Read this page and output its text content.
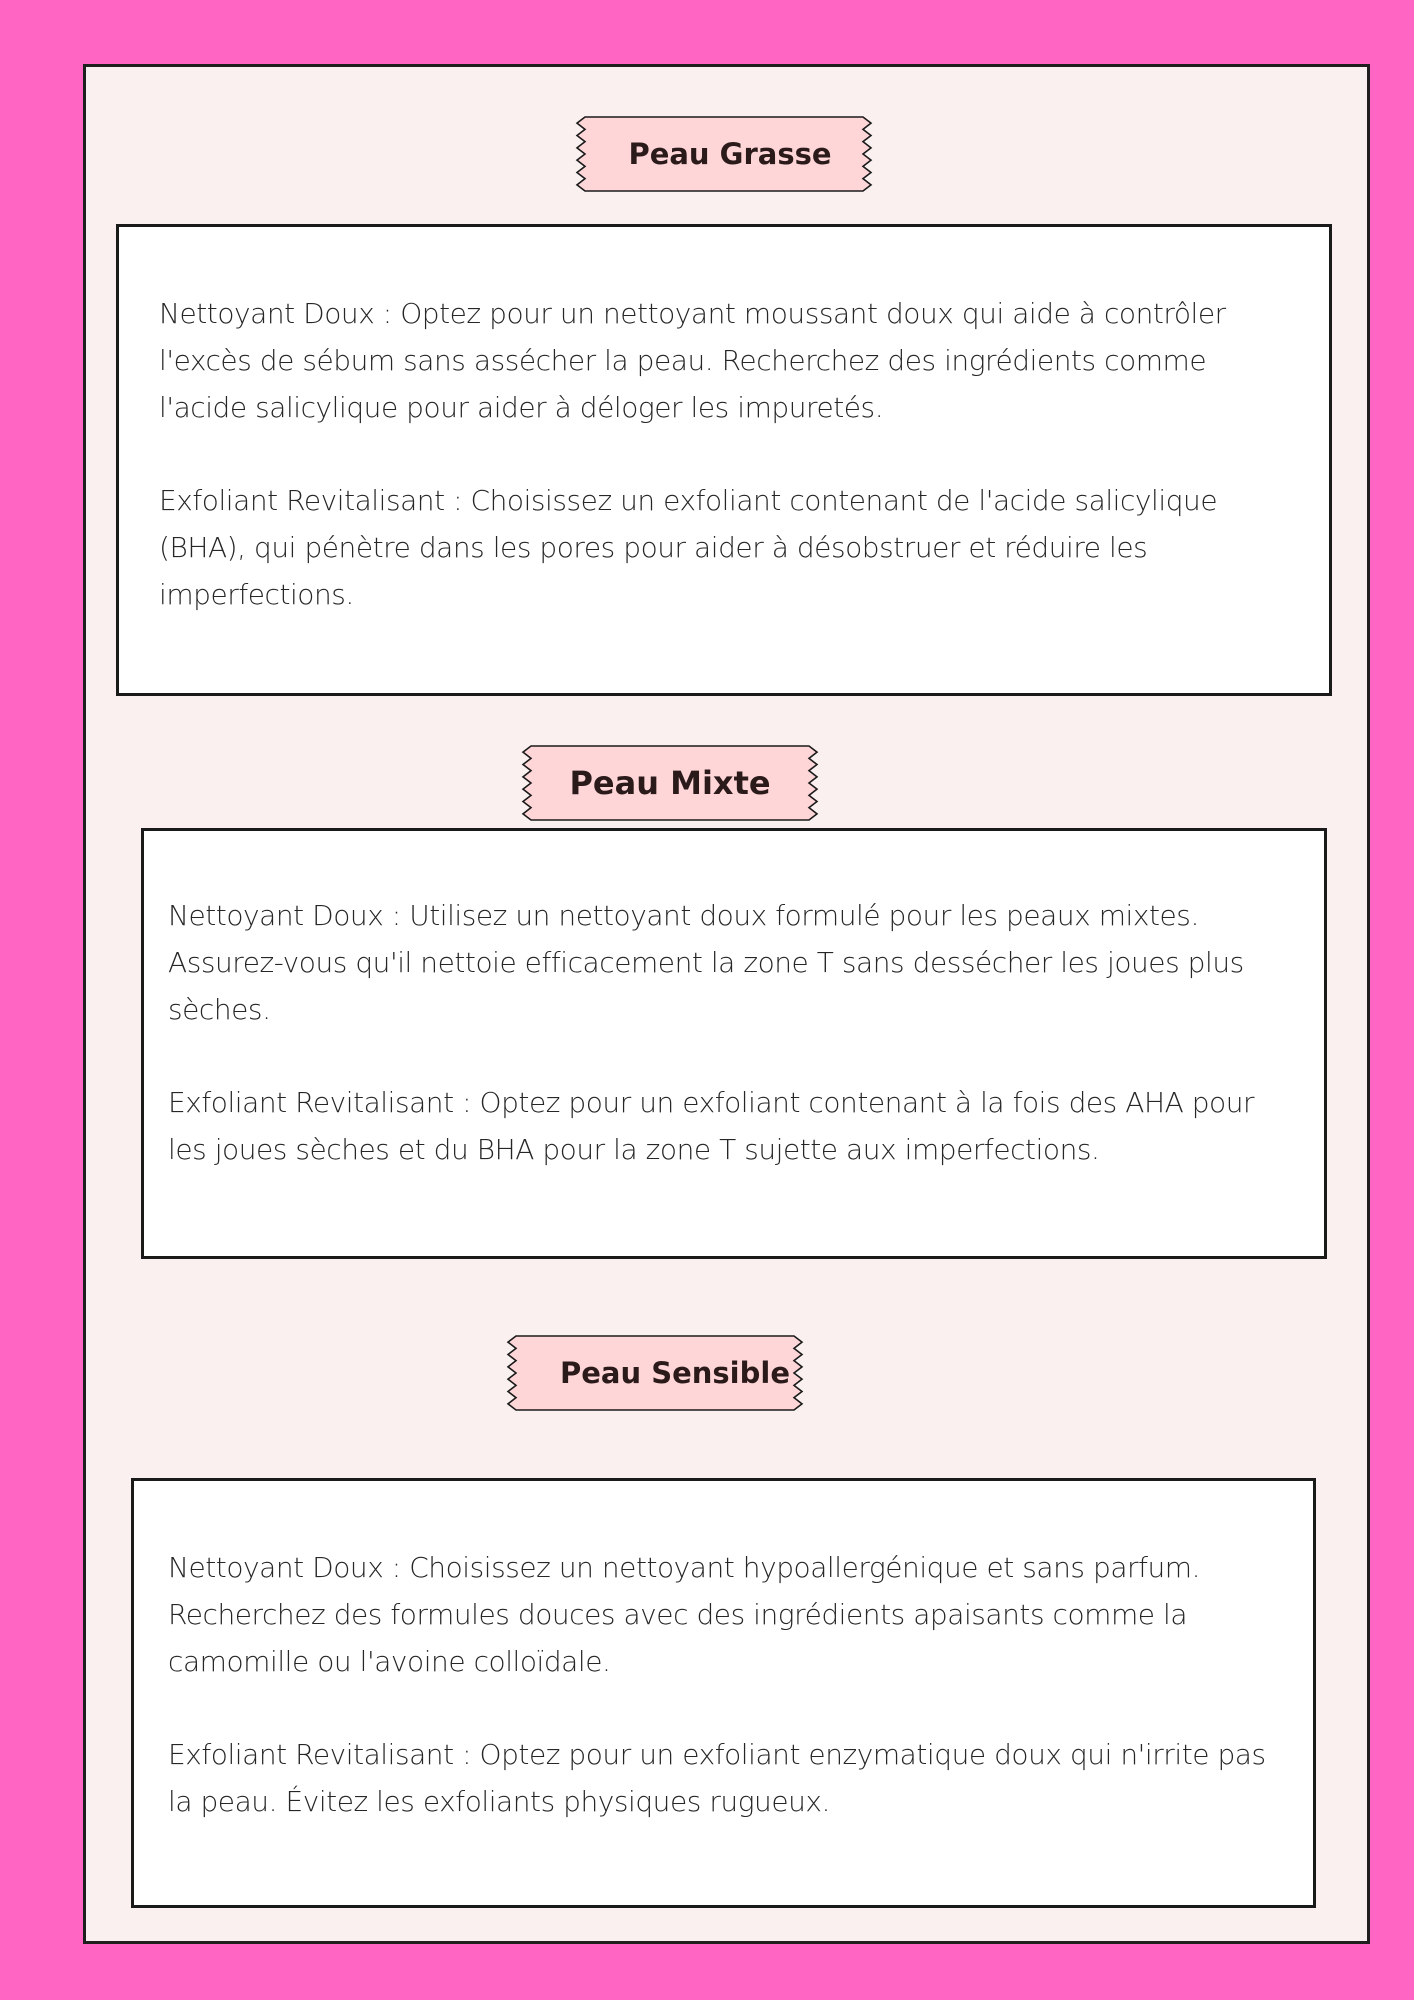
Peau Grasse

Nettoyant Doux : Optez pour un nettoyant moussant doux qui aide à contrôler l'excès de sébum sans assécher la peau. Recherchez des ingrédients comme l'acide salicylique pour aider à déloger les impuretés.

Exfoliant Revitalisant : Choisissez un exfoliant contenant de l'acide salicylique (BHA), qui pénètre dans les pores pour aider à désobstruer et réduire les imperfections.

Peau Mixte

Nettoyant Doux : Utilisez un nettoyant doux formulé pour les peaux mixtes. Assurez-vous qu'il nettoie efficacement la zone T sans dessécher les joues plus sèches.

Exfoliant Revitalisant : Optez pour un exfoliant contenant à la fois des AHA pour les joues sèches et du BHA pour la zone T sujette aux imperfections.

Peau Sensible

Nettoyant Doux : Choisissez un nettoyant hypoallergénique et sans parfum. Recherchez des formules douces avec des ingrédients apaisants comme la camomille ou l'avoine colloïdale.

Exfoliant Revitalisant : Optez pour un exfoliant enzymatique doux qui n'irrite pas la peau. Évitez les exfoliants physiques rugueux.
